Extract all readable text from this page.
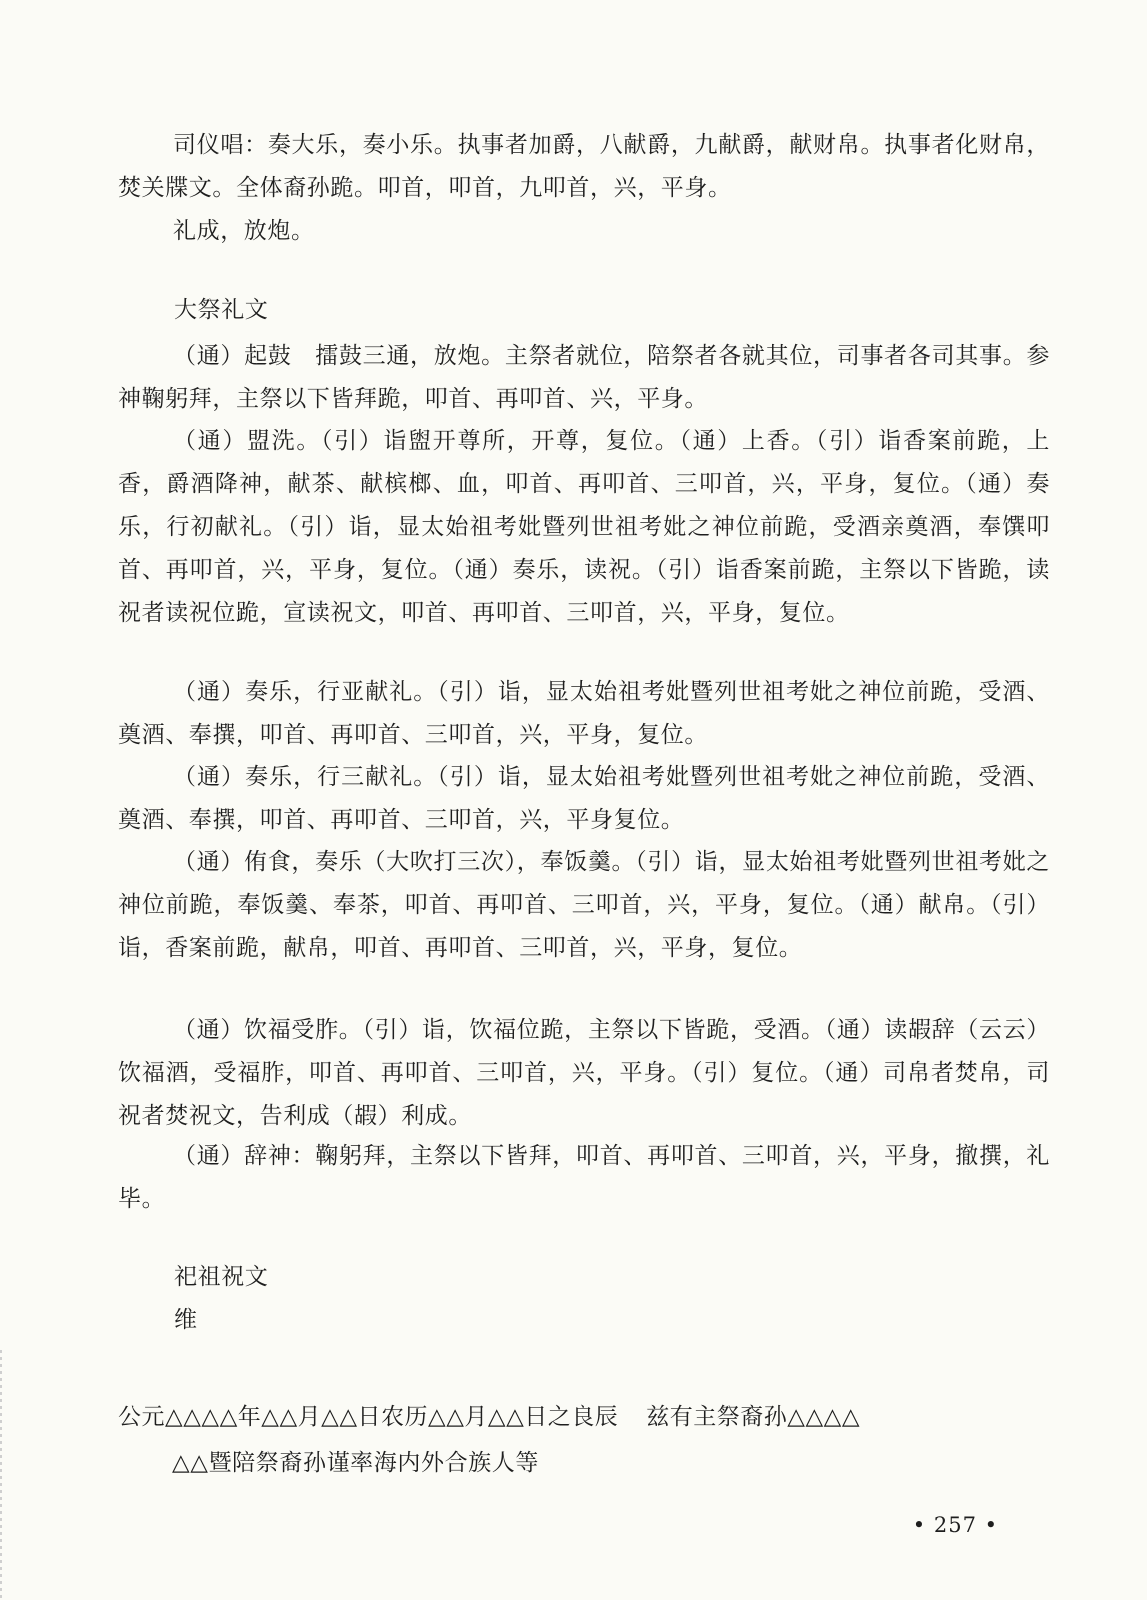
司仪唱：奏大乐，奏小乐。执事者加爵，八献爵，九献爵，献财帛。执事者化财帛，焚关牒文。全体裔孙跪。叩首，叩首，九叩首，兴，平身。

礼成，放炮。

大祭礼文

（通）起鼓　擂鼓三通，放炮。主祭者就位，陪祭者各就其位，司事者各司其事。参神鞠躬拜，主祭以下皆拜跪，叩首、再叩首、兴，平身。

（通）盟洗。（引）诣盥开尊所，开尊，复位。（通）上香。（引）诣香案前跪，上香，爵酒降神，献茶、献槟榔、血，叩首、再叩首、三叩首，兴，平身，复位。（通）奏乐，行初献礼。（引）诣，显太始祖考妣暨列世祖考妣之神位前跪，受酒亲奠酒，奉馔叩首、再叩首，兴，平身，复位。（通）奏乐，读祝。（引）诣香案前跪，主祭以下皆跪，读祝者读祝位跪，宣读祝文，叩首、再叩首、三叩首，兴，平身，复位。

（通）奏乐，行亚献礼。（引）诣，显太始祖考妣暨列世祖考妣之神位前跪，受酒、奠酒、奉撰，叩首、再叩首、三叩首，兴，平身，复位。

（通）奏乐，行三献礼。（引）诣，显太始祖考妣暨列世祖考妣之神位前跪，受酒、奠酒、奉撰，叩首、再叩首、三叩首，兴，平身复位。

（通）侑食，奏乐（大吹打三次），奉饭羹。（引）诣，显太始祖考妣暨列世祖考妣之神位前跪，奉饭羹、奉茶，叩首、再叩首、三叩首，兴，平身，复位。（通）献帛。（引）诣，香案前跪，献帛，叩首、再叩首、三叩首，兴，平身，复位。

（通）饮福受胙。（引）诣，饮福位跪，主祭以下皆跪，受酒。（通）读嘏辞（云云）饮福酒，受福胙，叩首、再叩首、三叩首，兴，平身。（引）复位。（通）司帛者焚帛，司祝者焚祝文，告利成（嘏）利成。

（通）辞神：鞠躬拜，主祭以下皆拜，叩首、再叩首、三叩首，兴，平身，撤撰，礼毕。

祀祖祝文

维

公元△△△△年△△月△△日农历△△月△△日之良辰 兹有主祭裔孙△△△△

△△暨陪祭裔孙谨率海内外合族人等

• 257 •
